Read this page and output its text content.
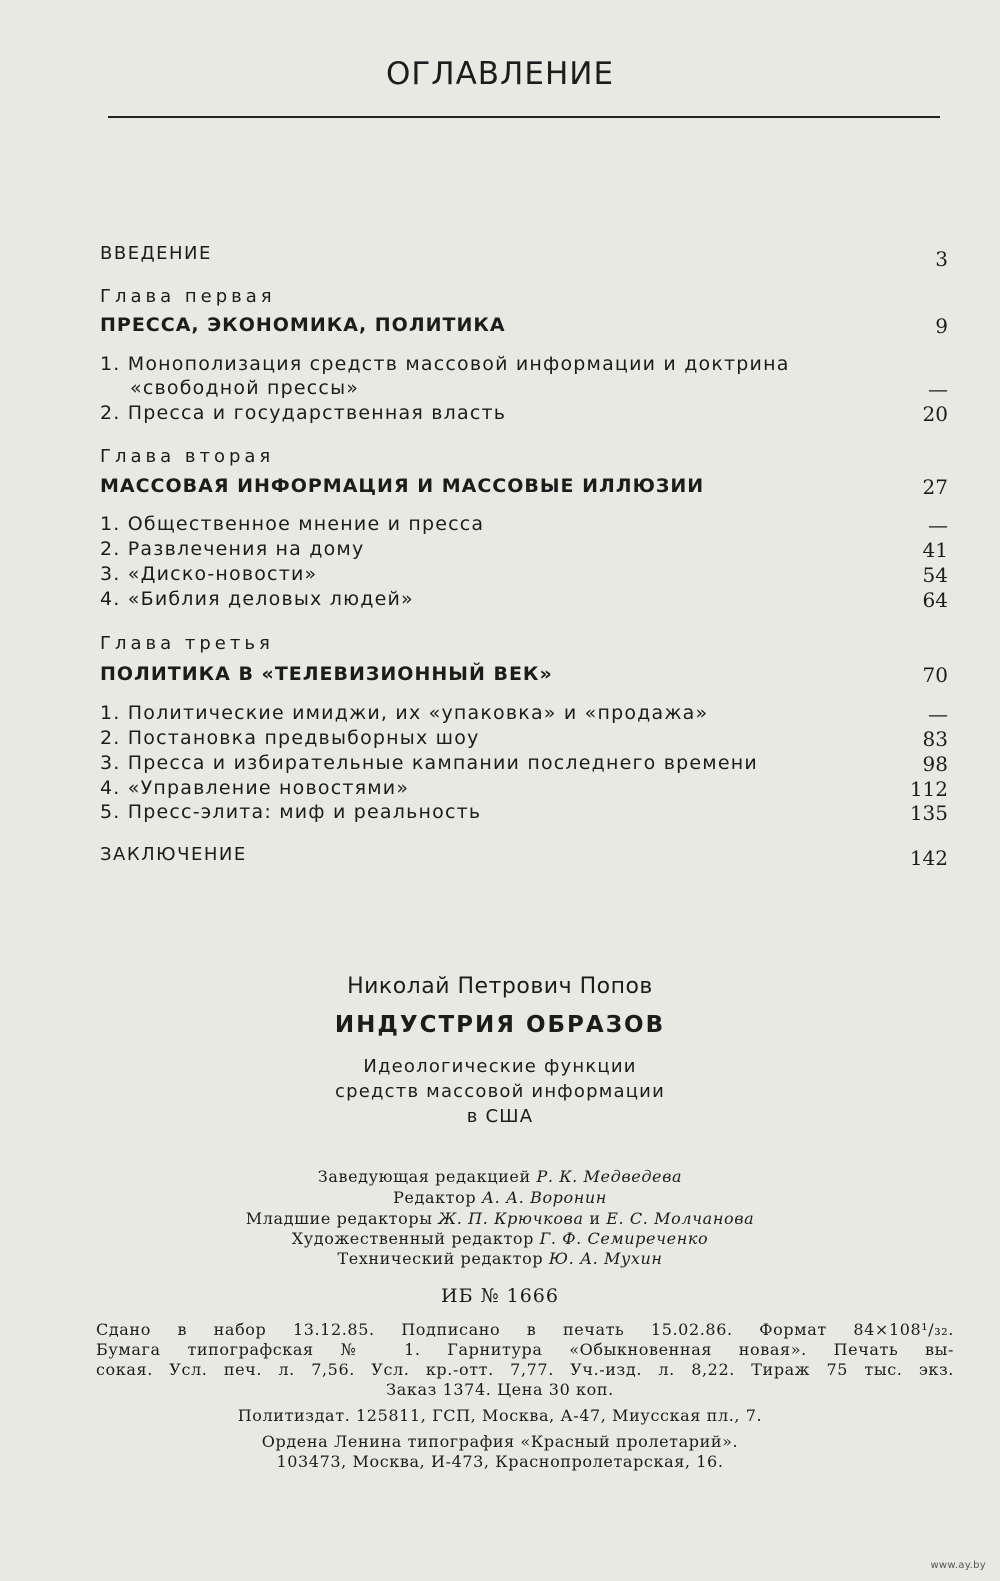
ОГЛАВЛЕНИЕ
ВВЕДЕНИЕ	3
Глава первая
ПРЕССА, ЭКОНОМИКА, ПОЛИТИКА	9
1. Монополизация средств массовой информации и доктрина
«свободной прессы»	—
2. Пресса и государственная власть	20
Глава вторая
МАССОВАЯ ИНФОРМАЦИЯ И МАССОВЫЕ ИЛЛЮЗИИ	27
1. Общественное мнение и пресса	—
2. Развлечения на дому	41
3. «Диско-новости»	54
4. «Библия деловых людей»	64
Глава третья
ПОЛИТИКА В «ТЕЛЕВИЗИОННЫЙ ВЕК»	70
1. Политические имиджи, их «упаковка» и «продажа»	—
2. Постановка предвыборных шоу	83
3. Пресса и избирательные кампании последнего времени	98
4. «Управление новостями»	112
5. Пресс-элита: миф и реальность	135
ЗАКЛЮЧЕНИЕ	142
Николай Петрович Попов
ИНДУСТРИЯ ОБРАЗОВ
Идеологические функции
средств массовой информации
в США
Заведующая редакцией Р. К. Медведева
Редактор А. А. Воронин
Младшие редакторы Ж. П. Крючкова и Е. С. Молчанова
Художественный редактор Г. Ф. Семиреченко
Технический редактор Ю. А. Мухин
ИБ № 1666
Сдано в набор 13.12.85. Подписано в печать 15.02.86. Формат 84×108¹/₃₂.
Бумага типографская № 1. Гарнитура «Обыкновенная новая». Печать вы-
сокая. Усл. печ. л. 7,56. Усл. кр.-отт. 7,77. Уч.-изд. л. 8,22. Тираж 75 тыс. экз.
Заказ 1374. Цена 30 коп.
Политиздат. 125811, ГСП, Москва, А-47, Миусская пл., 7.
Ордена Ленина типография «Красный пролетарий».
103473, Москва, И-473, Краснопролетарская, 16.
www.ay.by
